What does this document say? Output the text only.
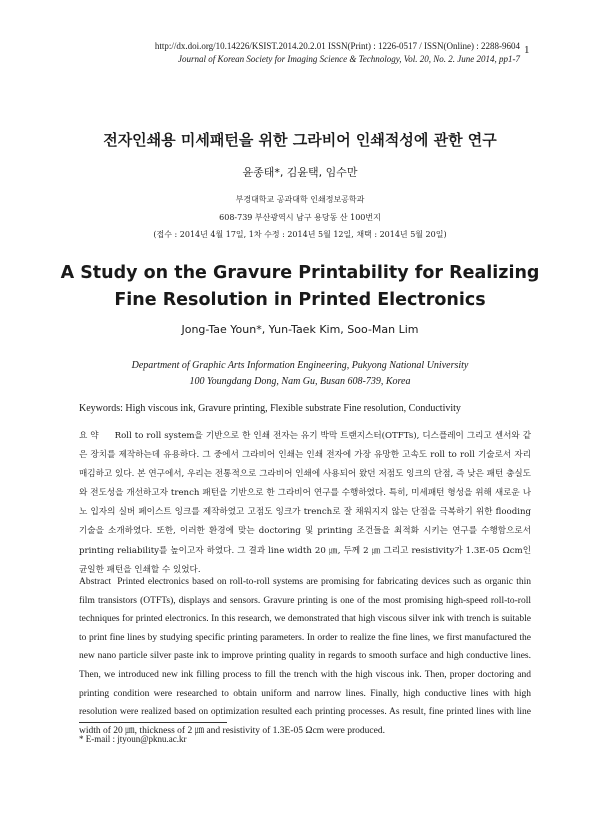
http://dx.doi.org/10.14226/KSIST.2014.20.2.01 ISSN(Print) : 1226-0517 / ISSN(Online) : 2288-9604
Journal of Korean Society for Imaging Science & Technology, Vol. 20, No. 2. June 2014, pp1-7
1
전자인쇄용 미세패턴을 위한 그라비어 인쇄적성에 관한 연구
윤종태*, 김윤택, 임수만
부경대학교 공과대학 인쇄정보공학과
608-739 부산광역시 남구 용당동 산 100번지
(접수 : 2014년 4월 17일, 1차 수정 : 2014년 5월 12일, 채택 : 2014년 5월 20일)
A Study on the Gravure Printability for Realizing
Fine Resolution in Printed Electronics
Jong-Tae Youn*, Yun-Taek Kim, Soo-Man Lim
Department of Graphic Arts Information Engineering, Pukyong National University
100 Youngdang Dong, Nam Gu, Busan 608-739, Korea
Keywords: High viscous ink, Gravure printing, Flexible substrate Fine resolution, Conductivity
요 약 Roll to roll system을 기반으로 한 인쇄 전자는 유기 박막 트랜지스터(OTFTs), 디스플레이 그리고 센서와 같은 장치를 제작하는데 유용하다. 그 중에서 그라비어 인쇄는 인쇄 전자에 가장 유망한 고속도 roll to roll 기술로서 자리매김하고 있다. 본 연구에서, 우리는 전통적으로 그라비어 인쇄에 사용되어 왔던 저점도 잉크의 단점, 즉 낮은 패턴 충실도와 전도성을 개선하고자 trench 패턴을 기반으로 한 그라비어 연구를 수행하였다. 특히, 미세패턴 형성을 위해 새로운 나노 입자의 실버 페이스트 잉크를 제작하였고 고점도 잉크가 trench로 잘 채워지지 않는 단점을 극복하기 위한 flooding 기술을 소개하였다. 또한, 이러한 환경에 맞는 doctoring 및 printing 조건들을 최적화 시키는 연구를 수행함으로서 printing reliability를 높이고자 하였다. 그 결과 line width 20 ㎛, 두께 2 ㎛ 그리고 resistivity가 1.3E-05 Ωcm인 균일한 패턴을 인쇄할 수 있었다.
Abstract Printed electronics based on roll-to-roll systems are promising for fabricating devices such as organic thin film transistors (OTFTs), displays and sensors. Gravure printing is one of the most promising high-speed roll-to-roll techniques for printed electronics. In this research, we demonstrated that high viscous silver ink with trench is suitable to print fine lines by studying specific printing parameters. In order to realize the fine lines, we first manufactured the new nano particle silver paste ink to improve printing quality in regards to smooth surface and high conductive lines. Then, we introduced new ink filling process to fill the trench with the high viscous ink. Then, proper doctoring and printing condition were researched to obtain uniform and narrow lines. Finally, high conductive lines with high resolution were realized based on optimization resulted each printing processes. As result, fine printed lines with line width of 20 ㎛, thickness of 2 ㎛ and resistivity of 1.3E-05 Ωcm were produced.
* E-mail : jtyoun@pknu.ac.kr
